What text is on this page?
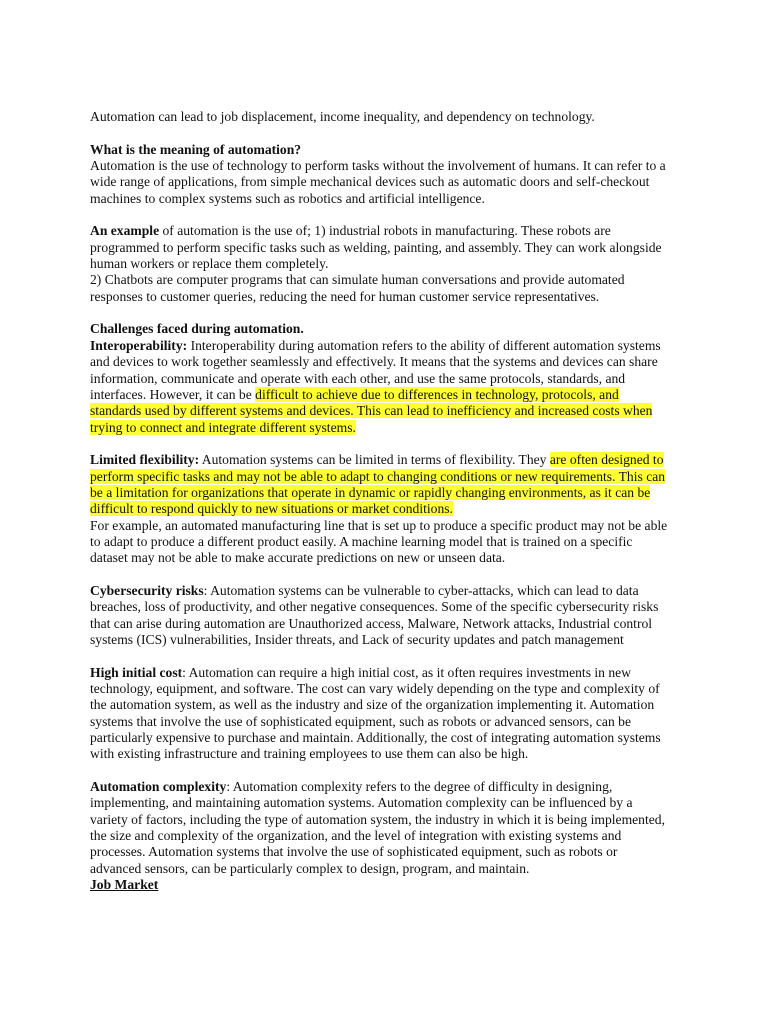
Automation can lead to job displacement, income inequality, and dependency on technology.
What is the meaning of automation?
Automation is the use of technology to perform tasks without the involvement of humans. It can refer to a
wide range of applications, from simple mechanical devices such as automatic doors and self-checkout
machines to complex systems such as robotics and artificial intelligence.
An example of automation is the use of; 1) industrial robots in manufacturing. These robots are
programmed to perform specific tasks such as welding, painting, and assembly. They can work alongside
human workers or replace them completely.
2) Chatbots are computer programs that can simulate human conversations and provide automated
responses to customer queries, reducing the need for human customer service representatives.
Challenges faced during automation.
Interoperability: Interoperability during automation refers to the ability of different automation systems
and devices to work together seamlessly and effectively. It means that the systems and devices can share
information, communicate and operate with each other, and use the same protocols, standards, and
interfaces. However, it can be difficult to achieve due to differences in technology, protocols, and
standards used by different systems and devices. This can lead to inefficiency and increased costs when
trying to connect and integrate different systems.
Limited flexibility: Automation systems can be limited in terms of flexibility. They are often designed to
perform specific tasks and may not be able to adapt to changing conditions or new requirements. This can
be a limitation for organizations that operate in dynamic or rapidly changing environments, as it can be
difficult to respond quickly to new situations or market conditions.
For example, an automated manufacturing line that is set up to produce a specific product may not be able
to adapt to produce a different product easily. A machine learning model that is trained on a specific
dataset may not be able to make accurate predictions on new or unseen data.
Cybersecurity risks: Automation systems can be vulnerable to cyber-attacks, which can lead to data
breaches, loss of productivity, and other negative consequences. Some of the specific cybersecurity risks
that can arise during automation are Unauthorized access, Malware, Network attacks, Industrial control
systems (ICS) vulnerabilities, Insider threats, and Lack of security updates and patch management
High initial cost: Automation can require a high initial cost, as it often requires investments in new
technology, equipment, and software. The cost can vary widely depending on the type and complexity of
the automation system, as well as the industry and size of the organization implementing it. Automation
systems that involve the use of sophisticated equipment, such as robots or advanced sensors, can be
particularly expensive to purchase and maintain. Additionally, the cost of integrating automation systems
with existing infrastructure and training employees to use them can also be high.
Automation complexity: Automation complexity refers to the degree of difficulty in designing,
implementing, and maintaining automation systems. Automation complexity can be influenced by a
variety of factors, including the type of automation system, the industry in which it is being implemented,
the size and complexity of the organization, and the level of integration with existing systems and
processes. Automation systems that involve the use of sophisticated equipment, such as robots or
advanced sensors, can be particularly complex to design, program, and maintain.
Job Market
